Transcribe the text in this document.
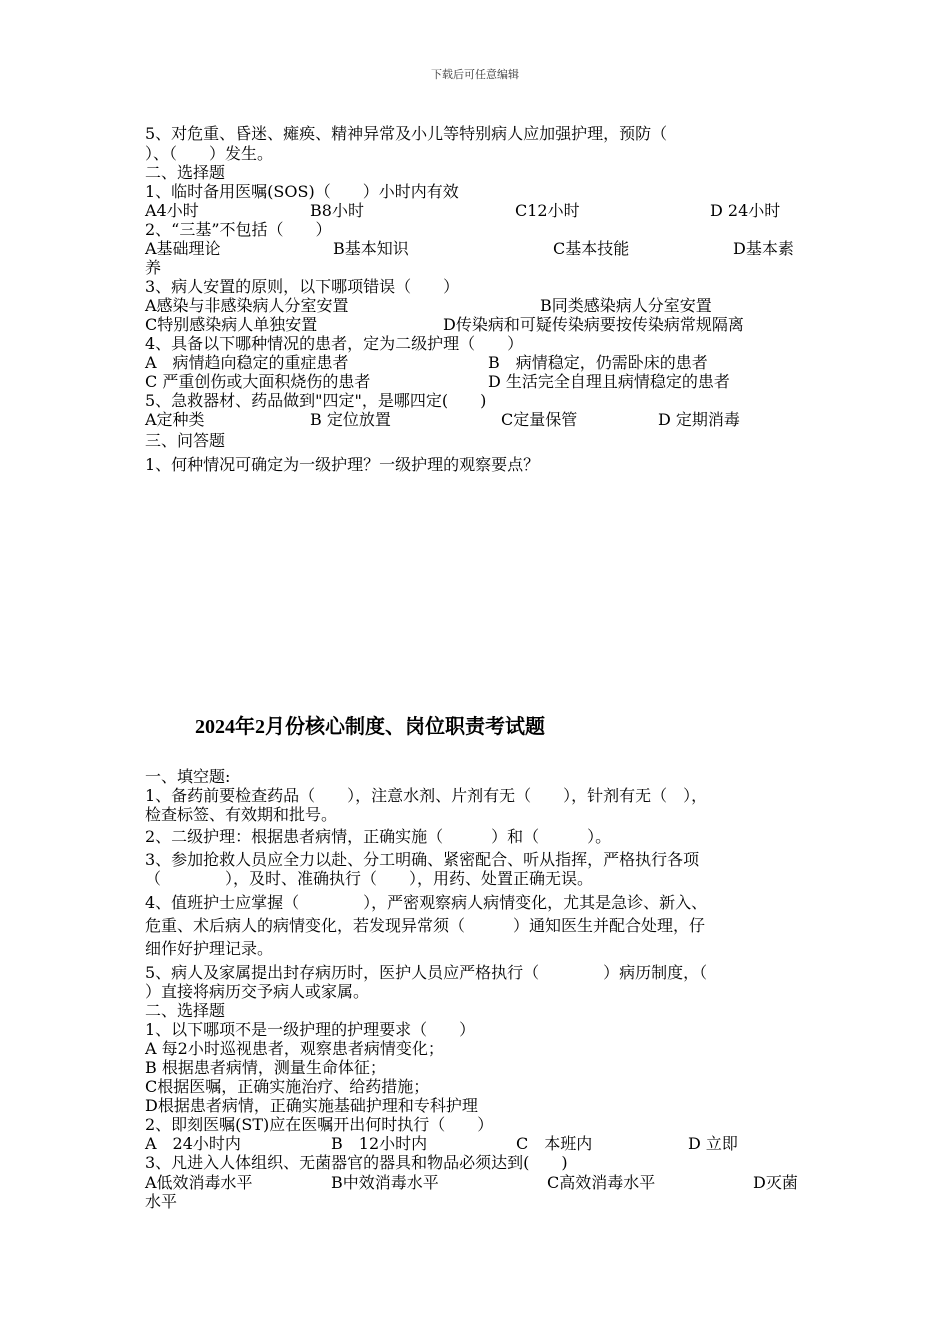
下载后可任意编辑
5、对危重、昏迷、瘫痪、精神异常及小儿等特别病人应加强护理，预防（
）、（　　）发生。
二、选择题
1、临时备用医嘱(SOS)（　　）小时内有效
A4小时	B8小时	C12小时	D 24小时
2、“三基”不包括（　　）
A基础理论	B基本知识	C基本技能	D基本素
养
3、病人安置的原则，以下哪项错误（　　）
A感染与非感染病人分室安置	B同类感染病人分室安置
C特别感染病人单独安置	D传染病和可疑传染病要按传染病常规隔离
4、具备以下哪种情况的患者，定为二级护理（　　）
A　病情趋向稳定的重症患者	B　病情稳定，仍需卧床的患者
C 严重创伤或大面积烧伤的患者	D 生活完全自理且病情稳定的患者
5、急救器材、药品做到"四定"，是哪四定(　　)
A定种类	B 定位放置	C定量保管	D 定期消毒
三、问答题
1、何种情况可确定为一级护理？一级护理的观察要点？
2024年2月份核心制度、岗位职责考试题
一、填空题:
1、备药前要检查药品（　　），注意水剂、片剂有无（　　），针剂有无（　），
检查标签、有效期和批号。
2、二级护理：根据患者病情，正确实施（　　　）和（　　　）。
3、参加抢救人员应全力以赴、分工明确、紧密配合、听从指挥，严格执行各项
（　　　　），及时、准确执行（　　），用药、处置正确无误。
4、值班护士应掌握（　　　　），严密观察病人病情变化，尤其是急诊、新入、
危重、术后病人的病情变化，若发现异常须（　　　）通知医生并配合处理，仔
细作好护理记录。
5、病人及家属提出封存病历时，医护人员应严格执行（　　　　）病历制度，（
）直接将病历交予病人或家属。
二、选择题
1、以下哪项不是一级护理的护理要求（　　）
A 每2小时巡视患者，观察患者病情变化；
B 根据患者病情，测量生命体征；
C根据医嘱，正确实施治疗、给药措施；
D根据患者病情，正确实施基础护理和专科护理
2、即刻医嘱(ST)应在医嘱开出何时执行（　　）
A　24小时内	B　12小时内	C　本班内	D 立即
3、凡进入人体组织、无菌器官的器具和物品必须达到(　　)
A低效消毒水平	B中效消毒水平	C高效消毒水平	D灭菌
水平
